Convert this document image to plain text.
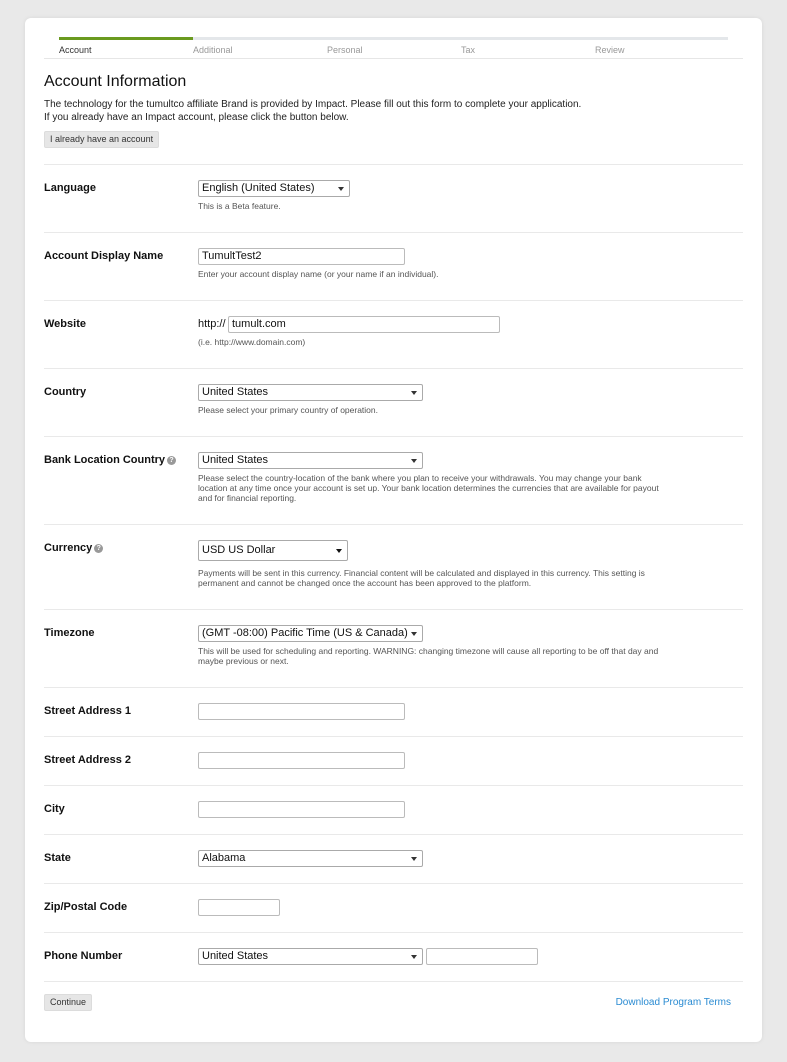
Account	Additional	Personal	Tax	Review
Account Information
The technology for the tumultco affiliate Brand is provided by Impact. Please fill out this form to complete your application.
If you already have an Impact account, please click the button below.
I already have an account
Language	English (United States)
This is a Beta feature.
Account Display Name	TumultTest2
Enter your account display name (or your name if an individual).
Website	http:// tumult.com
(i.e. http://www.domain.com)
Country	United States
Please select your primary country of operation.
Bank Location Country ?	United States
Please select the country-location of the bank where you plan to receive your withdrawals. You may change your bank location at any time once your account is set up. Your bank location determines the currencies that are available for payout and for financial reporting.
Currency ?	USD US Dollar
Payments will be sent in this currency. Financial content will be calculated and displayed in this currency. This setting is permanent and cannot be changed once the account has been approved to the platform.
Timezone	(GMT -08:00) Pacific Time (US & Canada)
This will be used for scheduling and reporting. WARNING: changing timezone will cause all reporting to be off that day and maybe previous or next.
Street Address 1
Street Address 2
City
State	Alabama
Zip/Postal Code
Phone Number	United States
Continue	Download Program Terms
